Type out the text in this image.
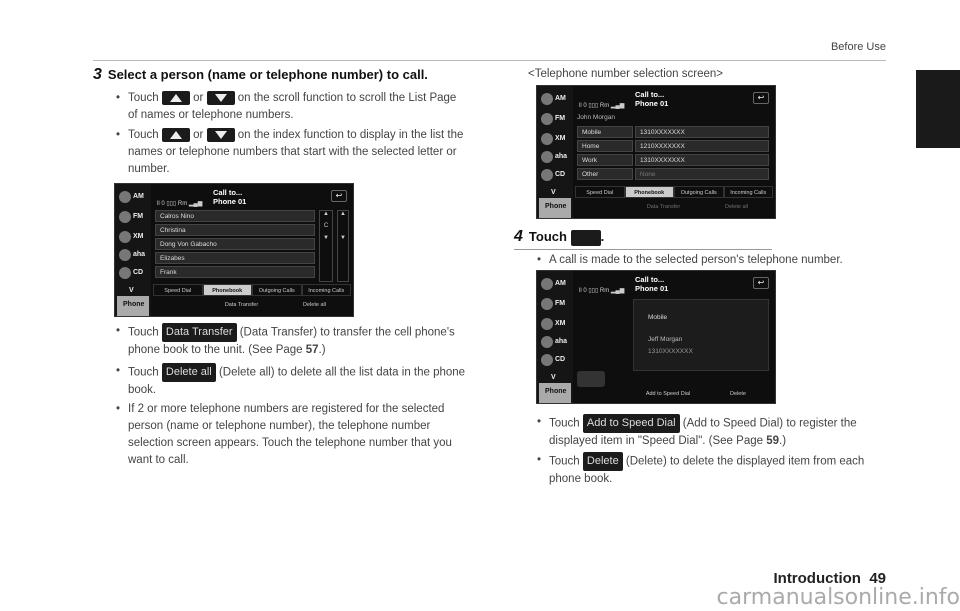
Before Use
3 Select a person (name or telephone number) to call.
• Touch
or
on the scroll function to scroll the List Page of names or telephone numbers.
• Touch
or
on the index function to display in the list the names or telephone numbers that start with the selected letter or number.
AM
FM
XM
aha
CD
V
Phone
Call to...
Phone 01
ll 0 ▯▯▯ Rm ▂▄▆
↩
Calros Nino
Christina
Dong Von Gabacho
Elizabes
Frank
▲

C

▼
▲

▼
Speed Dial	Phonebook	Outgoing Calls	Incoming Calls
Data Transfer	Delete all
• Touch Data Transfer (Data Transfer) to transfer the cell phone's phone book to the unit. (See Page 57.)
• Touch Delete all (Delete all) to delete all the list data in the phone book.
• If 2 or more telephone numbers are registered for the selected person (name or telephone number), the telephone number selection screen appears. Touch the telephone number that you want to call.
<Telephone number selection screen>
AM
FM
XM
aha
CD
V
Phone
Call to...
Phone 01
ll 0 ▯▯▯ Rm ▂▄▆
↩
John Morgan
Mobile	1310XXXXXXX
Home	1210XXXXXXX
Work	1310XXXXXXX
Other	None
Speed Dial	Phonebook	Outgoing Calls	Incoming Calls
Data Transfer	Delete all
4 Touch	.
• A call is made to the selected person's telephone number.
AM
FM
XM
aha
CD
V
Phone
Call to...
Phone 01
ll 0 ▯▯▯ Rm ▂▄▆
↩
Mobile
Jeff Morgan
1310XXXXXXX
Add to Speed Dial	Delete
• Touch Add to Speed Dial (Add to Speed Dial) to register the displayed item in "Speed Dial". (See Page 59.)
• Touch Delete (Delete) to delete the displayed item from each phone book.
Introduction 49
carmanualsonline.info
